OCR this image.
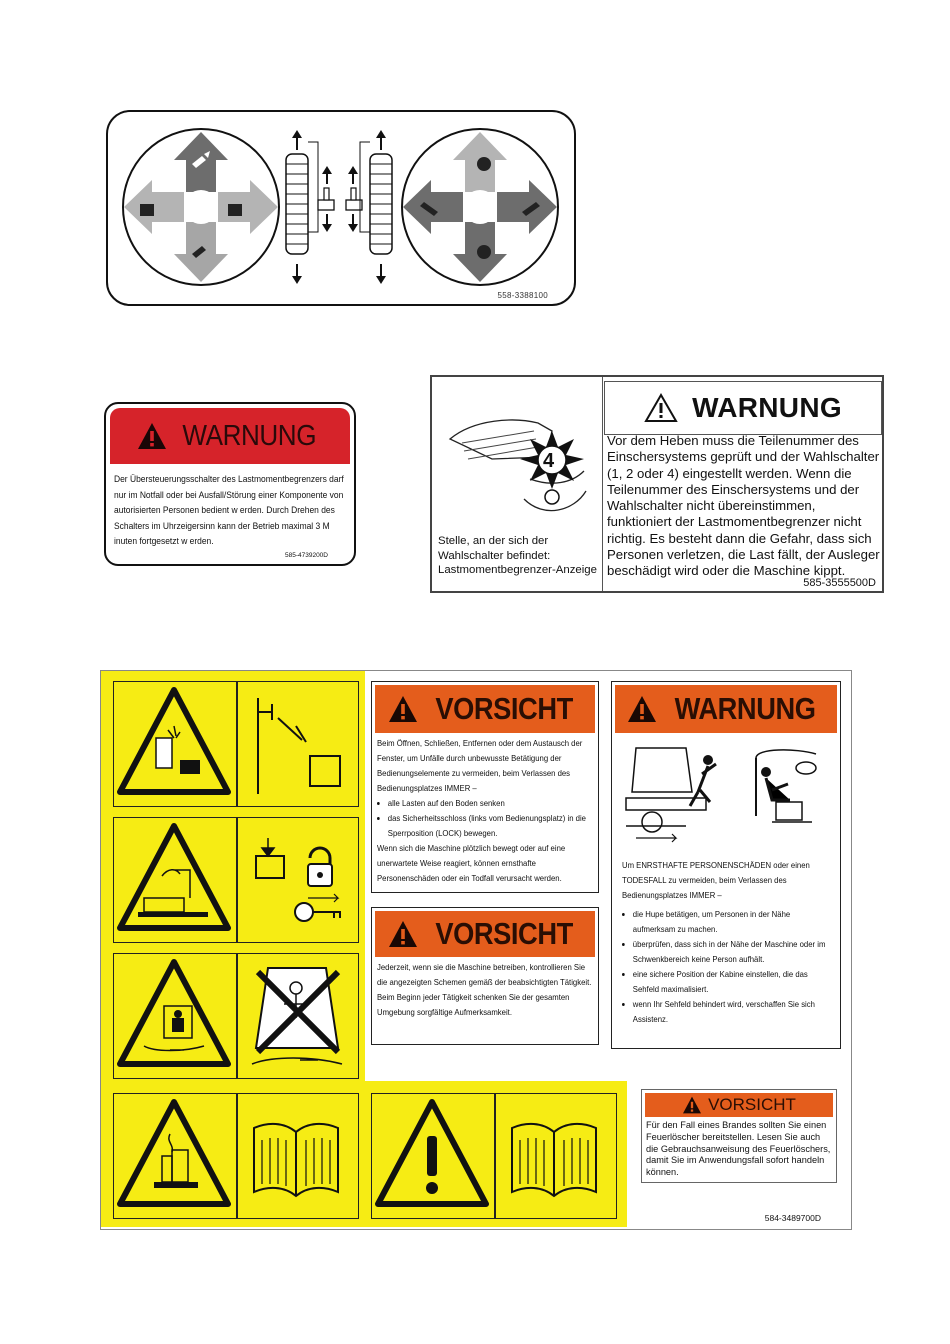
558-3388100
WARNUNG
Der Übersteuerungsschalter des Lastmomentbegrenzers darf nur im Notfall oder bei Ausfall/Störung einer Komponente von autorisierten Personen bedient w erden. Durch Drehen des Schalters im Uhrzeigersinn kann der Betrieb maximal 3 M inuten fortgesetzt w erden.
585-4739200D
4
Stelle, an der sich der Wahlschalter befindet: Lastmomentbegrenzer-Anzeige
WARNUNG
Vor dem Heben muss die Teilenummer des Einschersystems geprüft und der Wahlschalter (1, 2 oder 4) eingestellt werden. Wenn die Teilenummer des Einschersystems und der Wahlschalter nicht übereinstimmen, funktioniert der Lastmomentbegrenzer nicht richtig. Es besteht dann die Gefahr, dass sich Personen verletzen, die Last fällt, der Ausleger beschädigt wird oder die Maschine kippt.
585-3555500D
VORSICHT
Beim Öffnen, Schließen, Entfernen oder dem Austausch der Fenster, um Unfälle durch unbewusste Betätigung der Bedienungselemente zu vermeiden, beim Verlassen des Bedienungsplatzes IMMER –
• alle Lasten auf den Boden senken
• das Sicherheitsschloss (links vom Bedienungsplatz) in die Sperrposition (LOCK) bewegen.
Wenn sich die Maschine plötzlich bewegt oder auf eine unerwartete Weise reagiert, können ernsthafte Personenschäden oder ein Todfall verursacht werden.
VORSICHT
Jederzeit, wenn sie die Maschine betreiben, kontrollieren Sie die angezeigten Schemen gemäß der beabsichtigten Tätigkeit.
Beim Beginn jeder Tätigkeit schenken Sie der gesamten Umgebung sorgfältige Aufmerksamkeit.
WARNUNG
Um ENRSTHAFTE PERSONENSCHÄDEN oder einen TODESFALL zu vermeiden, beim Verlassen des Bedienungsplatzes IMMER –
• die Hupe betätigen, um Personen in der Nähe aufmerksam zu machen.
• überprüfen, dass sich in der Nähe der Maschine oder im Schwenkbereich keine Person aufhält.
• eine sichere Position der Kabine einstellen, die das Sehfeld maximalisiert.
• wenn Ihr Sehfeld behindert wird, verschaffen Sie sich Assistenz.
VORSICHT
Für den Fall eines Brandes sollten Sie einen Feuerlöscher bereitstellen. Lesen Sie auch die Gebrauchsanweisung des Feuerlöschers, damit Sie im Anwendungsfall sofort handeln können.
584-3489700D
